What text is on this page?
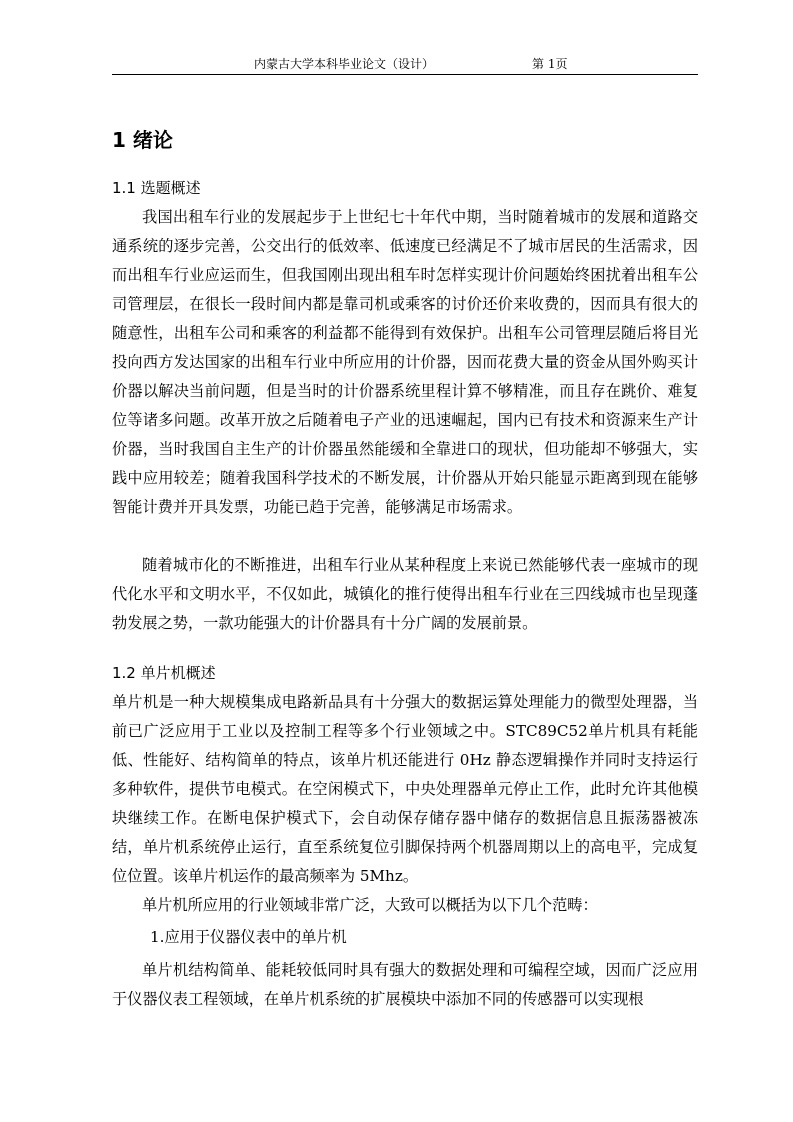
内蒙古大学本科毕业论文（设计）	第 1页
1 绪论
1.1 选题概述

我国出租车行业的发展起步于上世纪七十年代中期，当时随着城市的发展和道路交通系统的逐步完善，公交出行的低效率、低速度已经满足不了城市居民的生活需求，因而出租车行业应运而生，但我国刚出现出租车时怎样实现计价问题始终困扰着出租车公司管理层，在很长一段时间内都是靠司机或乘客的讨价还价来收费的，因而具有很大的随意性，出租车公司和乘客的利益都不能得到有效保护。出租车公司管理层随后将目光投向西方发达国家的出租车行业中所应用的计价器，因而花费大量的资金从国外购买计价器以解决当前问题，但是当时的计价器系统里程计算不够精准，而且存在跳价、难复位等诸多问题。改革开放之后随着电子产业的迅速崛起，国内已有技术和资源来生产计价器，当时我国自主生产的计价器虽然能缓和全靠进口的现状，但功能却不够强大，实践中应用较差；随着我国科学技术的不断发展，计价器从开始只能显示距离到现在能够智能计费并开具发票，功能已趋于完善，能够满足市场需求。

随着城市化的不断推进，出租车行业从某种程度上来说已然能够代表一座城市的现代化水平和文明水平，不仅如此，城镇化的推行使得出租车行业在三四线城市也呈现蓬勃发展之势，一款功能强大的计价器具有十分广阔的发展前景。

1.2 单片机概述

单片机是一种大规模集成电路新品具有十分强大的数据运算处理能力的微型处理器，当前已广泛应用于工业以及控制工程等多个行业领域之中。STC89C52单片机具有耗能低、性能好、结构简单的特点，该单片机还能进行 0Hz 静态逻辑操作并同时支持运行多种软件，提供节电模式。在空闲模式下，中央处理器单元停止工作，此时允许其他模块继续工作。在断电保护模式下，会自动保存储存器中储存的数据信息且振荡器被冻结，单片机系统停止运行，直至系统复位引脚保持两个机器周期以上的高电平，完成复位位置。该单片机运作的最高频率为 5Mhz。

单片机所应用的行业领域非常广泛，大致可以概括为以下几个范畴：

1.应用于仪器仪表中的单片机

单片机结构简单、能耗较低同时具有强大的数据处理和可编程空域，因而广泛应用于仪器仪表工程领域，在单片机系统的扩展模块中添加不同的传感器可以实现根
